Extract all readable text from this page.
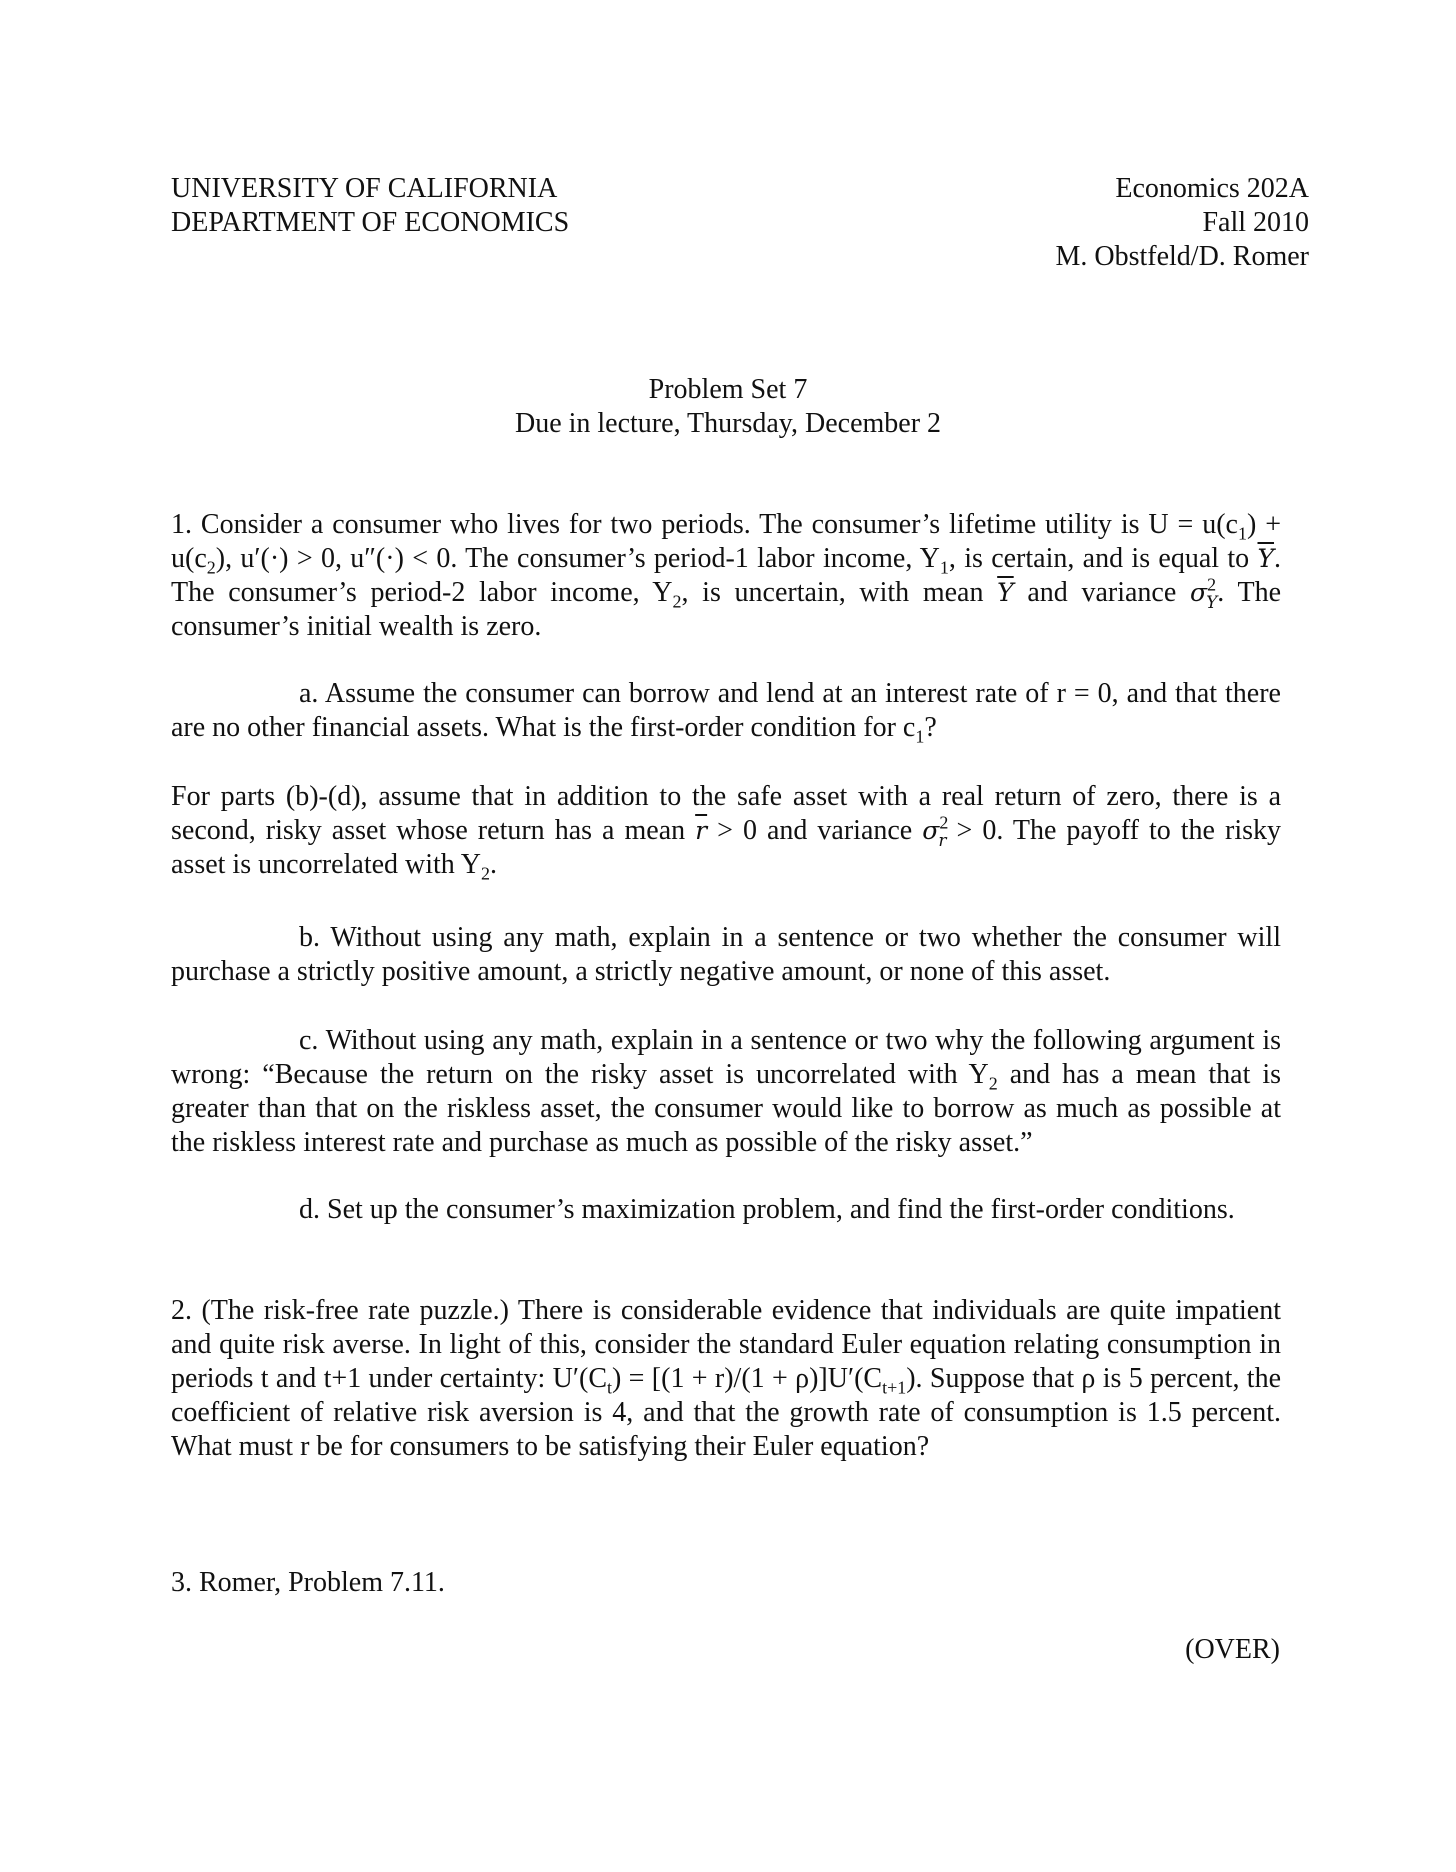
UNIVERSITY OF CALIFORNIA
DEPARTMENT OF ECONOMICS
Economics 202A
Fall 2010
M. Obstfeld/D. Romer
Problem Set 7
Due in lecture, Thursday, December 2

1. Consider a consumer who lives for two periods. The consumer’s lifetime utility is $U = u(c_1) + u(c_2)$, u′(·) > 0, u″(·) < 0. The consumer’s period-1 labor income, $Y_1$, is certain, and is equal to $\overline{Y}$. The consumer’s period-2 labor income, $Y_2$, is uncertain, with mean $\overline{Y}$ and variance $\sigma^2_Y$. The consumer’s initial wealth is zero.

a. Assume the consumer can borrow and lend at an interest rate of r = 0, and that there are no other financial assets. What is the first-order condition for $c_1$?

For parts (b)-(d), assume that in addition to the safe asset with a real return of zero, there is a second, risky asset whose return has a mean $\overline{r} > 0$ and variance $\sigma^2_r > 0$. The payoff to the risky asset is uncorrelated with $Y_2$.

b. Without using any math, explain in a sentence or two whether the consumer will purchase a strictly positive amount, a strictly negative amount, or none of this asset.

c. Without using any math, explain in a sentence or two why the following argument is wrong: “Because the return on the risky asset is uncorrelated with $Y_2$ and has a mean that is greater than that on the riskless asset, the consumer would like to borrow as much as possible at the riskless interest rate and purchase as much as possible of the risky asset.”

d. Set up the consumer’s maximization problem, and find the first-order conditions.

2. (The risk-free rate puzzle.) There is considerable evidence that individuals are quite impatient and quite risk averse. In light of this, consider the standard Euler equation relating consumption in periods t and t+1 under certainty: $U'(C_t) = [(1 + r)/(1 + \rho)]U'(C_{t+1})$. Suppose that ρ is 5 percent, the coefficient of relative risk aversion is 4, and that the growth rate of consumption is 1.5 percent. What must r be for consumers to be satisfying their Euler equation?

3. Romer, Problem 7.11.

(OVER)
